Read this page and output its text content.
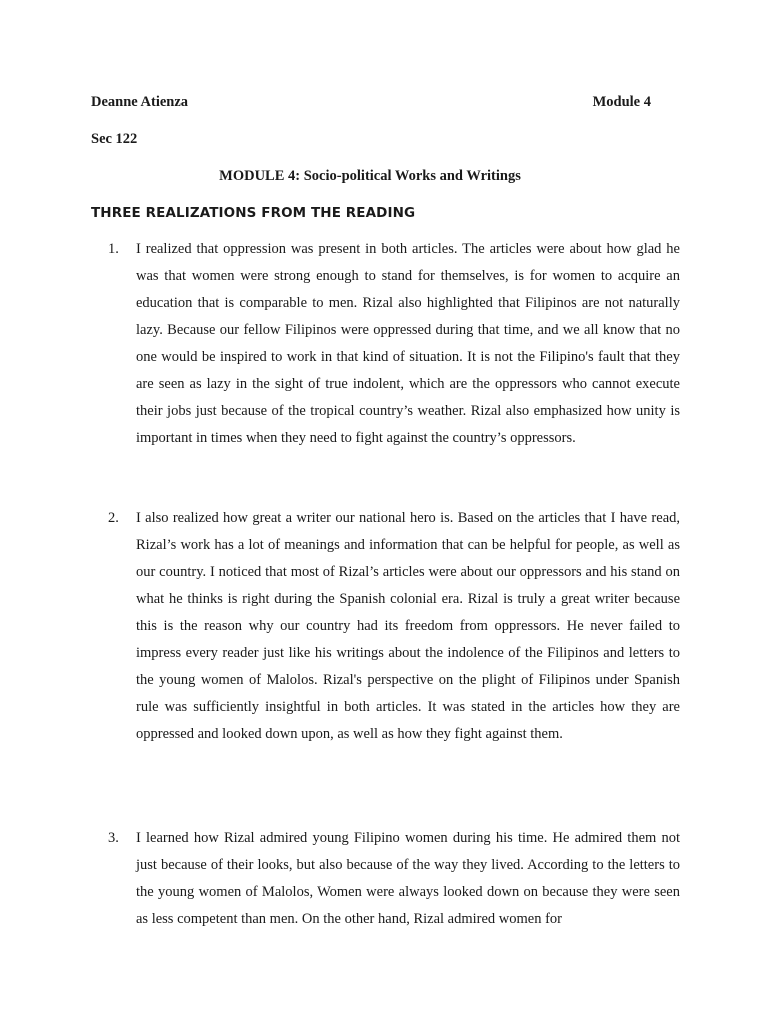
Deanne Atienza	Module 4
Sec 122
MODULE 4: Socio-political Works and Writings
THREE REALIZATIONS FROM THE READING
1. I realized that oppression was present in both articles. The articles were about how glad he was that women were strong enough to stand for themselves, is for women to acquire an education that is comparable to men. Rizal also highlighted that Filipinos are not naturally lazy. Because our fellow Filipinos were oppressed during that time, and we all know that no one would be inspired to work in that kind of situation. It is not the Filipino's fault that they are seen as lazy in the sight of true indolent, which are the oppressors who cannot execute their jobs just because of the tropical country’s weather. Rizal also emphasized how unity is important in times when they need to fight against the country’s oppressors.
2. I also realized how great a writer our national hero is. Based on the articles that I have read, Rizal’s work has a lot of meanings and information that can be helpful for people, as well as our country. I noticed that most of Rizal’s articles were about our oppressors and his stand on what he thinks is right during the Spanish colonial era. Rizal is truly a great writer because this is the reason why our country had its freedom from oppressors. He never failed to impress every reader just like his writings about the indolence of the Filipinos and letters to the young women of Malolos. Rizal's perspective on the plight of Filipinos under Spanish rule was sufficiently insightful in both articles. It was stated in the articles how they are oppressed and looked down upon, as well as how they fight against them.
3. I learned how Rizal admired young Filipino women during his time. He admired them not just because of their looks, but also because of the way they lived. According to the letters to the young women of Malolos, Women were always looked down on because they were seen as less competent than men. On the other hand, Rizal admired women for
